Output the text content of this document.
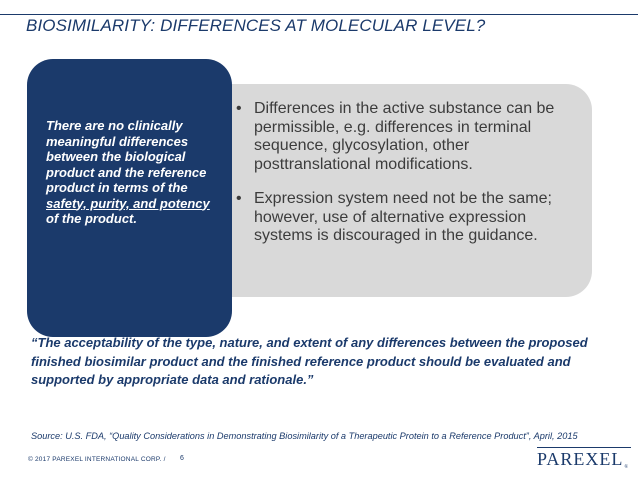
BIOSIMILARITY: DIFFERENCES AT MOLECULAR LEVEL?
There are no clinically meaningful differences between the biological product and the reference product in terms of the safety, purity, and potency of the product.
• Differences in the active substance can be permissible, e.g. differences in terminal sequence, glycosylation, other posttranslational modifications.
• Expression system need not be the same; however, use of alternative expression systems is discouraged in the guidance.
“The acceptability of the type, nature, and extent of any differences between the proposed finished biosimilar product and the finished reference product should be evaluated and supported by appropriate data and rationale.”
Source: U.S. FDA, “Quality Considerations in Demonstrating Biosimilarity of a Therapeutic Protein to a Reference Product”, April, 2015
© 2017 PAREXEL INTERNATIONAL CORP. / 6	PAREXEL®
